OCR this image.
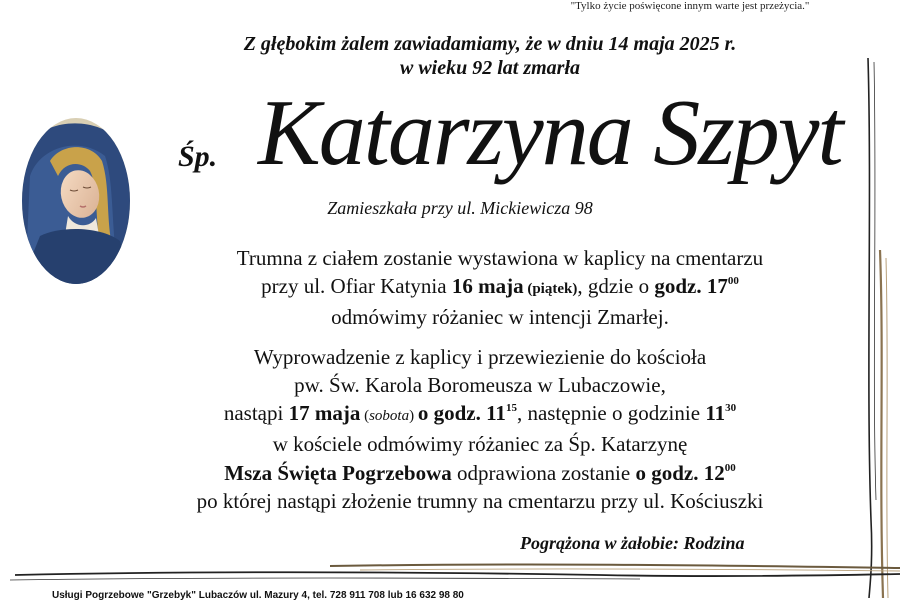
"Tylko życie poświęcone innym warte jest przeżycia."
Z głębokim żalem zawiadamiamy, że w dniu 14 maja 2025 r.
w wieku 92 lat zmarła
Śp. Katarzyna Szpyt
Zamieszkała przy ul. Mickiewicza 98
Trumna z ciałem zostanie wystawiona w kaplicy na cmentarzu
przy ul. Ofiar Katynia 16 maja (piątek), gdzie o godz. $17^{00}$
odmówimy różaniec w intencji Zmarłej.
Wyprowadzenie z kaplicy i przewiezienie do kościoła
pw. Św. Karola Boromeusza w Lubaczowie,
nastąpi 17 maja (sobota) o godz. $11^{15}$, następnie o godzinie $11^{30}$
w kościele odmówimy różaniec za Śp. Katarzynę
Msza Święta Pogrzebowa odprawiona zostanie o godz. $12^{00}$
po której nastąpi złożenie trumny na cmentarzu przy ul. Kościuszki
Pogrążona w żałobie: Rodzina
Usługi Pogrzebowe "Grzebyk" Lubaczów ul. Mazury 4, tel. 728 911 708 lub 16 632 98 80
